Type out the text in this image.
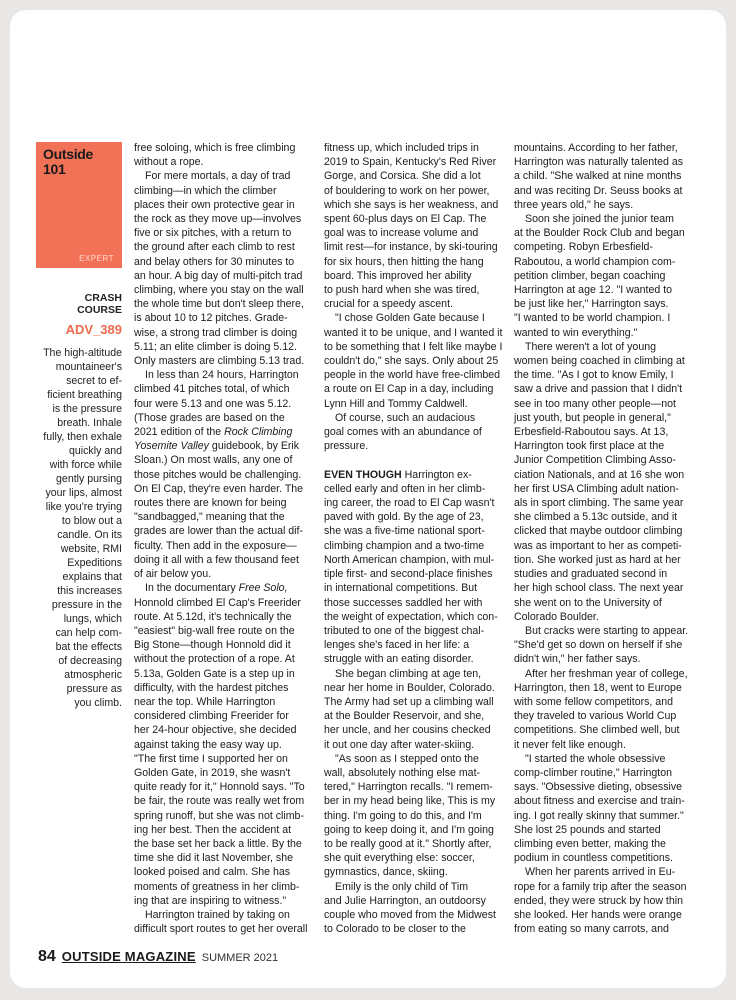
Outside
101
EXPERT
CRASH
COURSE
ADV_389
The high-altitude
mountaineer's
secret to ef-
ficient breathing
is the pressure
breath. Inhale
fully, then exhale
quickly and
with force while
gently pursing
your lips, almost
like you're trying
to blow out a
candle. On its
website, RMI
Expeditions
explains that
this increases
pressure in the
lungs, which
can help com-
bat the effects
of decreasing
atmospheric
pressure as
you climb.
free soloing, which is free climbing
without a rope.
For mere mortals, a day of trad
climbing—in which the climber
places their own protective gear in
the rock as they move up—involves
five or six pitches, with a return to
the ground after each climb to rest
and belay others for 30 minutes to
an hour. A big day of multi-pitch trad
climbing, where you stay on the wall
the whole time but don't sleep there,
is about 10 to 12 pitches. Grade-
wise, a strong trad climber is doing
5.11; an elite climber is doing 5.12.
Only masters are climbing 5.13 trad.
In less than 24 hours, Harrington
climbed 41 pitches total, of which
four were 5.13 and one was 5.12.
(Those grades are based on the
2021 edition of the Rock Climbing
Yosemite Valley guidebook, by Erik
Sloan.) On most walls, any one of
those pitches would be challenging.
On El Cap, they're even harder. The
routes there are known for being
"sandbagged," meaning that the
grades are lower than the actual dif-
ficulty. Then add in the exposure—
doing it all with a few thousand feet
of air below you.
In the documentary Free Solo,
Honnold climbed El Cap's Freerider
route. At 5.12d, it's technically the
"easiest" big-wall free route on the
Big Stone—though Honnold did it
without the protection of a rope. At
5.13a, Golden Gate is a step up in
difficulty, with the hardest pitches
near the top. While Harrington
considered climbing Freerider for
her 24-hour objective, she decided
against taking the easy way up.
"The first time I supported her on
Golden Gate, in 2019, she wasn't
quite ready for it," Honnold says. "To
be fair, the route was really wet from
spring runoff, but she was not climb-
ing her best. Then the accident at
the base set her back a little. By the
time she did it last November, she
looked poised and calm. She has
moments of greatness in her climb-
ing that are inspiring to witness."
Harrington trained by taking on
difficult sport routes to get her overall
fitness up, which included trips in
2019 to Spain, Kentucky's Red River
Gorge, and Corsica. She did a lot
of bouldering to work on her power,
which she says is her weakness, and
spent 60-plus days on El Cap. The
goal was to increase volume and
limit rest—for instance, by ski-touring
for six hours, then hitting the hang
board. This improved her ability
to push hard when she was tired,
crucial for a speedy ascent.
"I chose Golden Gate because I
wanted it to be unique, and I wanted it
to be something that I felt like maybe I
couldn't do," she says. Only about 25
people in the world have free-climbed
a route on El Cap in a day, including
Lynn Hill and Tommy Caldwell.
Of course, such an audacious
goal comes with an abundance of
pressure.

EVEN THOUGH Harrington ex-
celled early and often in her climb-
ing career, the road to El Cap wasn't
paved with gold. By the age of 23,
she was a five-time national sport-
climbing champion and a two-time
North American champion, with mul-
tiple first- and second-place finishes
in international competitions. But
those successes saddled her with
the weight of expectation, which con-
tributed to one of the biggest chal-
lenges she's faced in her life: a
struggle with an eating disorder.
She began climbing at age ten,
near her home in Boulder, Colorado.
The Army had set up a climbing wall
at the Boulder Reservoir, and she,
her uncle, and her cousins checked
it out one day after water-skiing.
"As soon as I stepped onto the
wall, absolutely nothing else mat-
tered," Harrington recalls. "I remem-
ber in my head being like, This is my
thing. I'm going to do this, and I'm
going to keep doing it, and I'm going
to be really good at it." Shortly after,
she quit everything else: soccer,
gymnastics, dance, skiing.
Emily is the only child of Tim
and Julie Harrington, an outdoorsy
couple who moved from the Midwest
to Colorado to be closer to the
mountains. According to her father,
Harrington was naturally talented as
a child. "She walked at nine months
and was reciting Dr. Seuss books at
three years old," he says.
Soon she joined the junior team
at the Boulder Rock Club and began
competing. Robyn Erbesfield-
Raboutou, a world champion com-
petition climber, began coaching
Harrington at age 12. "I wanted to
be just like her," Harrington says.
"I wanted to be world champion. I
wanted to win everything."
There weren't a lot of young
women being coached in climbing at
the time. "As I got to know Emily, I
saw a drive and passion that I didn't
see in too many other people—not
just youth, but people in general,"
Erbesfield-Raboutou says. At 13,
Harrington took first place at the
Junior Competition Climbing Asso-
ciation Nationals, and at 16 she won
her first USA Climbing adult nation-
als in sport climbing. The same year
she climbed a 5.13c outside, and it
clicked that maybe outdoor climbing
was as important to her as competi-
tion. She worked just as hard at her
studies and graduated second in
her high school class. The next year
she went on to the University of
Colorado Boulder.
But cracks were starting to appear.
"She'd get so down on herself if she
didn't win," her father says.
After her freshman year of college,
Harrington, then 18, went to Europe
with some fellow competitors, and
they traveled to various World Cup
competitions. She climbed well, but
it never felt like enough.
"I started the whole obsessive
comp-climber routine," Harrington
says. "Obsessive dieting, obsessive
about fitness and exercise and train-
ing. I got really skinny that summer."
She lost 25 pounds and started
climbing even better, making the
podium in countless competitions.
When her parents arrived in Eu-
rope for a family trip after the season
ended, they were struck by how thin
she looked. Her hands were orange
from eating so many carrots, and
84 OUTSIDE MAGAZINE SUMMER 2021
